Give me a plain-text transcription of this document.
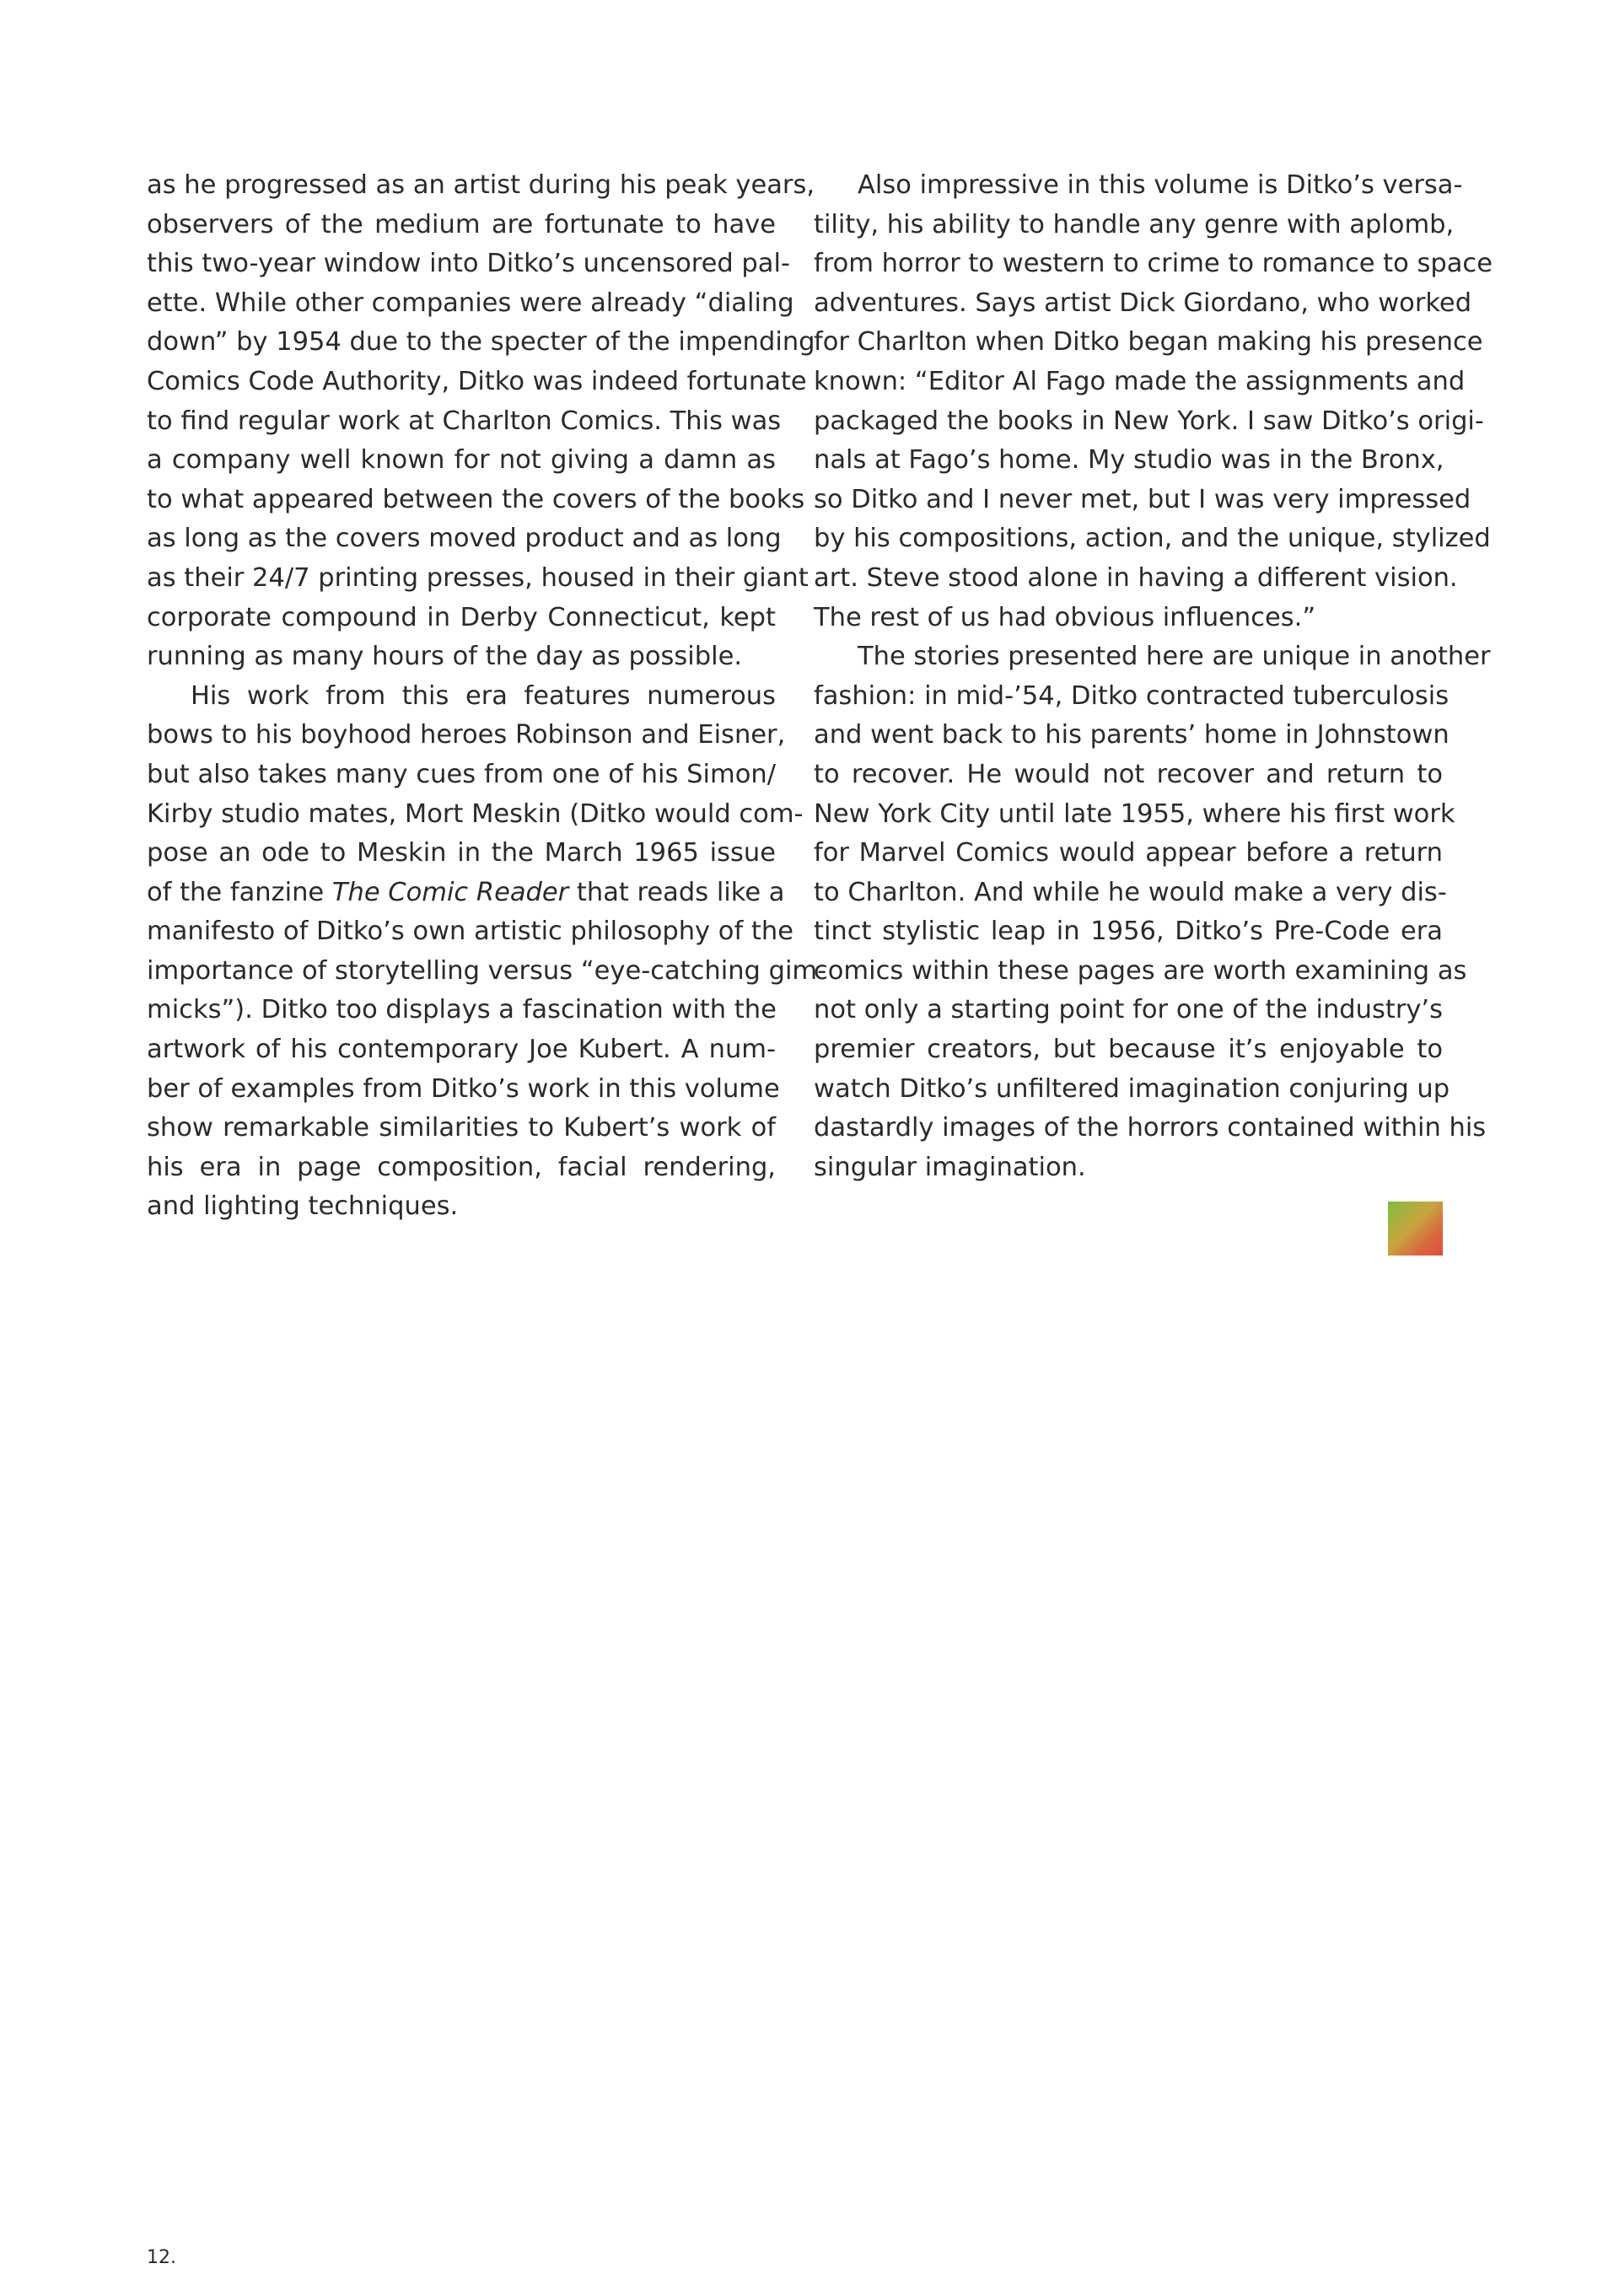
as he progressed as an artist during his peak years,
observers of the medium are fortunate to have
this two-year window into Ditko’s uncensored pal-
ette. While other companies were already “dialing
down” by 1954 due to the specter of the impending
Comics Code Authority, Ditko was indeed fortunate
to find regular work at Charlton Comics. This was
a company well known for not giving a damn as
to what appeared between the covers of the books
as long as the covers moved product and as long
as their 24/7 printing presses, housed in their giant
corporate compound in Derby Connecticut, kept
running as many hours of the day as possible.

His work from this era features numerous
bows to his boyhood heroes Robinson and Eisner,
but also takes many cues from one of his Simon/
Kirby studio mates, Mort Meskin (Ditko would com-
pose an ode to Meskin in the March 1965 issue
of the fanzine The Comic Reader that reads like a
manifesto of Ditko’s own artistic philosophy of the
importance of storytelling versus “eye-catching gim-
micks”). Ditko too displays a fascination with the
artwork of his contemporary Joe Kubert. A num-
ber of examples from Ditko’s work in this volume
show remarkable similarities to Kubert’s work of
his era in page composition, facial rendering,
and lighting techniques.

Also impressive in this volume is Ditko’s versa-
tility, his ability to handle any genre with aplomb,
from horror to western to crime to romance to space
adventures. Says artist Dick Giordano, who worked
for Charlton when Ditko began making his presence
known: “Editor Al Fago made the assignments and
packaged the books in New York. I saw Ditko’s origi-
nals at Fago’s home. My studio was in the Bronx,
so Ditko and I never met, but I was very impressed
by his compositions, action, and the unique, stylized
art. Steve stood alone in having a different vision.
The rest of us had obvious influences.”

The stories presented here are unique in another
fashion: in mid-’54, Ditko contracted tuberculosis
and went back to his parents’ home in Johnstown
to recover. He would not recover and return to
New York City until late 1955, where his first work
for Marvel Comics would appear before a return
to Charlton. And while he would make a very dis-
tinct stylistic leap in 1956, Ditko’s Pre-Code era
comics within these pages are worth examining as
not only a starting point for one of the industry’s
premier creators, but because it’s enjoyable to
watch Ditko’s unfiltered imagination conjuring up
dastardly images of the horrors contained within his
singular imagination.

12.
